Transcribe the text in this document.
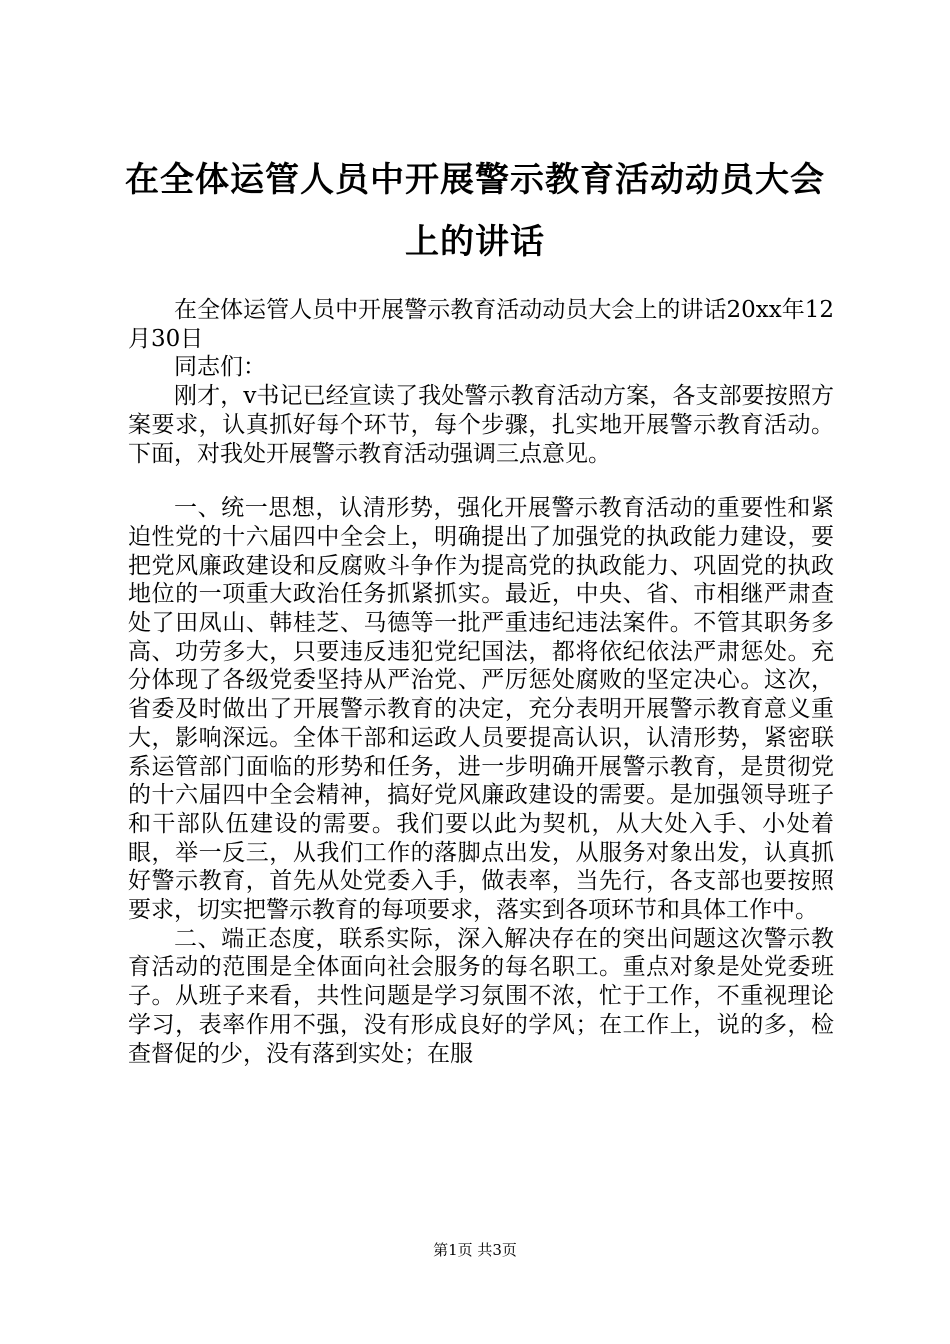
在全体运管人员中开展警示教育活动动员大会
上的讲话

在全体运管人员中开展警示教育活动动员大会上的讲话20xx年12月30日

同志们：

刚才，v书记已经宣读了我处警示教育活动方案，各支部要按照方案要求，认真抓好每个环节，每个步骤，扎实地开展警示教育活动。下面，对我处开展警示教育活动强调三点意见。

一、统一思想，认清形势，强化开展警示教育活动的重要性和紧迫性党的十六届四中全会上，明确提出了加强党的执政能力建设，要把党风廉政建设和反腐败斗争作为提高党的执政能力、巩固党的执政地位的一项重大政治任务抓紧抓实。最近，中央、省、市相继严肃查处了田凤山、韩桂芝、马德等一批严重违纪违法案件。不管其职务多高、功劳多大，只要违反违犯党纪国法，都将依纪依法严肃惩处。充分体现了各级党委坚持从严治党、严厉惩处腐败的坚定决心。这次，省委及时做出了开展警示教育的决定，充分表明开展警示教育意义重大，影响深远。全体干部和运政人员要提高认识，认清形势，紧密联系运管部门面临的形势和任务，进一步明确开展警示教育，是贯彻党的十六届四中全会精神，搞好党风廉政建设的需要。是加强领导班子和干部队伍建设的需要。我们要以此为契机，从大处入手、小处着眼，举一反三，从我们工作的落脚点出发，从服务对象出发，认真抓好警示教育，首先从处党委入手，做表率，当先行，各支部也要按照要求，切实把警示教育的每项要求，落实到各项环节和具体工作中。

二、端正态度，联系实际，深入解决存在的突出问题这次警示教育活动的范围是全体面向社会服务的每名职工。重点对象是处党委班子。从班子来看，共性问题是学习氛围不浓，忙于工作，不重视理论学习，表率作用不强，没有形成良好的学风；在工作上，说的多，检查督促的少，没有落到实处；在服

第1页 共3页
